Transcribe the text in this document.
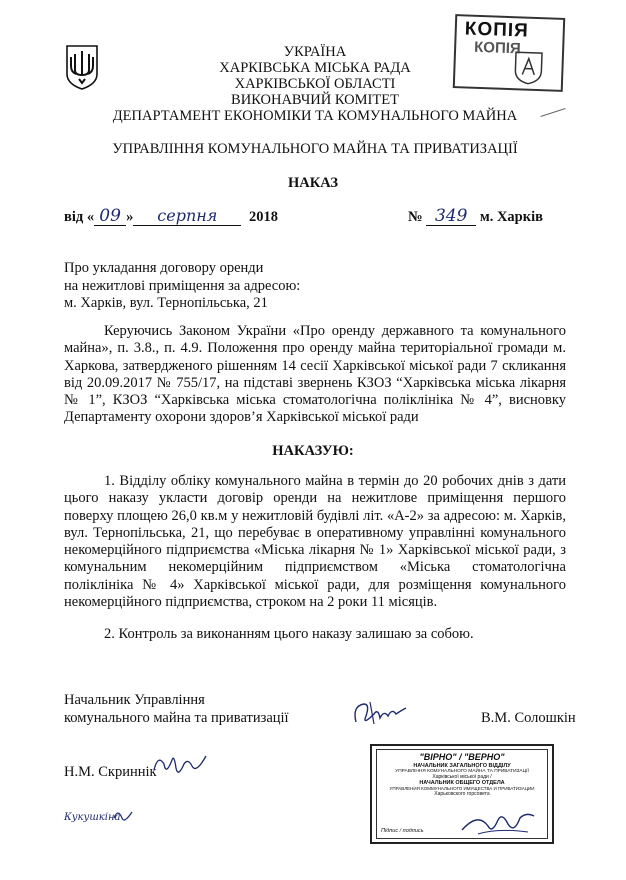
УКРАЇНА
ХАРКІВСЬКА МІСЬКА РАДА
ХАРКІВСЬКОЇ ОБЛАСТІ
ВИКОНАВЧИЙ КОМІТЕТ
ДЕПАРТАМЕНТ ЕКОНОМІКИ ТА КОМУНАЛЬНОГО МАЙНА
УПРАВЛІННЯ КОМУНАЛЬНОГО МАЙНА ТА ПРИВАТИЗАЦІЇ
КОПІЯ
КОПІЯ
НАКАЗ
від « 09 » серпня 2018	№ 349 м. Харків
Про укладання договору оренди
на нежитлові приміщення за адресою:
м. Харків, вул. Тернопільська, 21
Керуючись Законом України «Про оренду державного та комунального майна», п. 3.8., п. 4.9. Положення про оренду майна територіальної громади м. Харкова, затвердженого рішенням 14 сесії Харківської міської ради 7 скликання від 20.09.2017 № 755/17, на підставі звернень КЗОЗ “Харківська міська лікарня № 1”, КЗОЗ “Харківська міська стоматологічна поліклініка № 4”, висновку Департаменту охорони здоров’я Харківської міської ради
НАКАЗУЮ:
1. Відділу обліку комунального майна в термін до 20 робочих днів з дати цього наказу укласти договір оренди на нежитлове приміщення першого поверху площею 26,0 кв.м у нежитловій будівлі літ. «А-2» за адресою: м. Харків, вул. Тернопільська, 21, що перебуває в оперативному управлінні комунального некомерційного підприємства «Міська лікарня № 1» Харківської міської ради, з комунальним некомерційним підприємством «Міська стоматологічна поліклініка № 4» Харківської міської ради, для розміщення комунального некомерційного підприємства, строком на 2 роки 11 місяців.
2. Контроль за виконанням цього наказу залишаю за собою.
Начальник Управління
комунального майна та приватизації	В.М. Солошкін
Н.М. Скриннік
Кукушкіна
"ВІРНО" / "ВЕРНО"
НАЧАЛЬНИК ЗАГАЛЬНОГО ВІДДІЛУ
УПРАВЛІННЯ КОМУНАЛЬНОГО МАЙНА ТА ПРИВАТИЗАЦІЇ
Харківської міської ради /
НАЧАЛЬНИК ОБЩЕГО ОТДЕЛА
УПРАВЛЕНИЯ КОММУНАЛЬНОГО ИМУЩЕСТВА И ПРИВАТИЗАЦИИ
Харьковского горсовета
Підпис / подпись
